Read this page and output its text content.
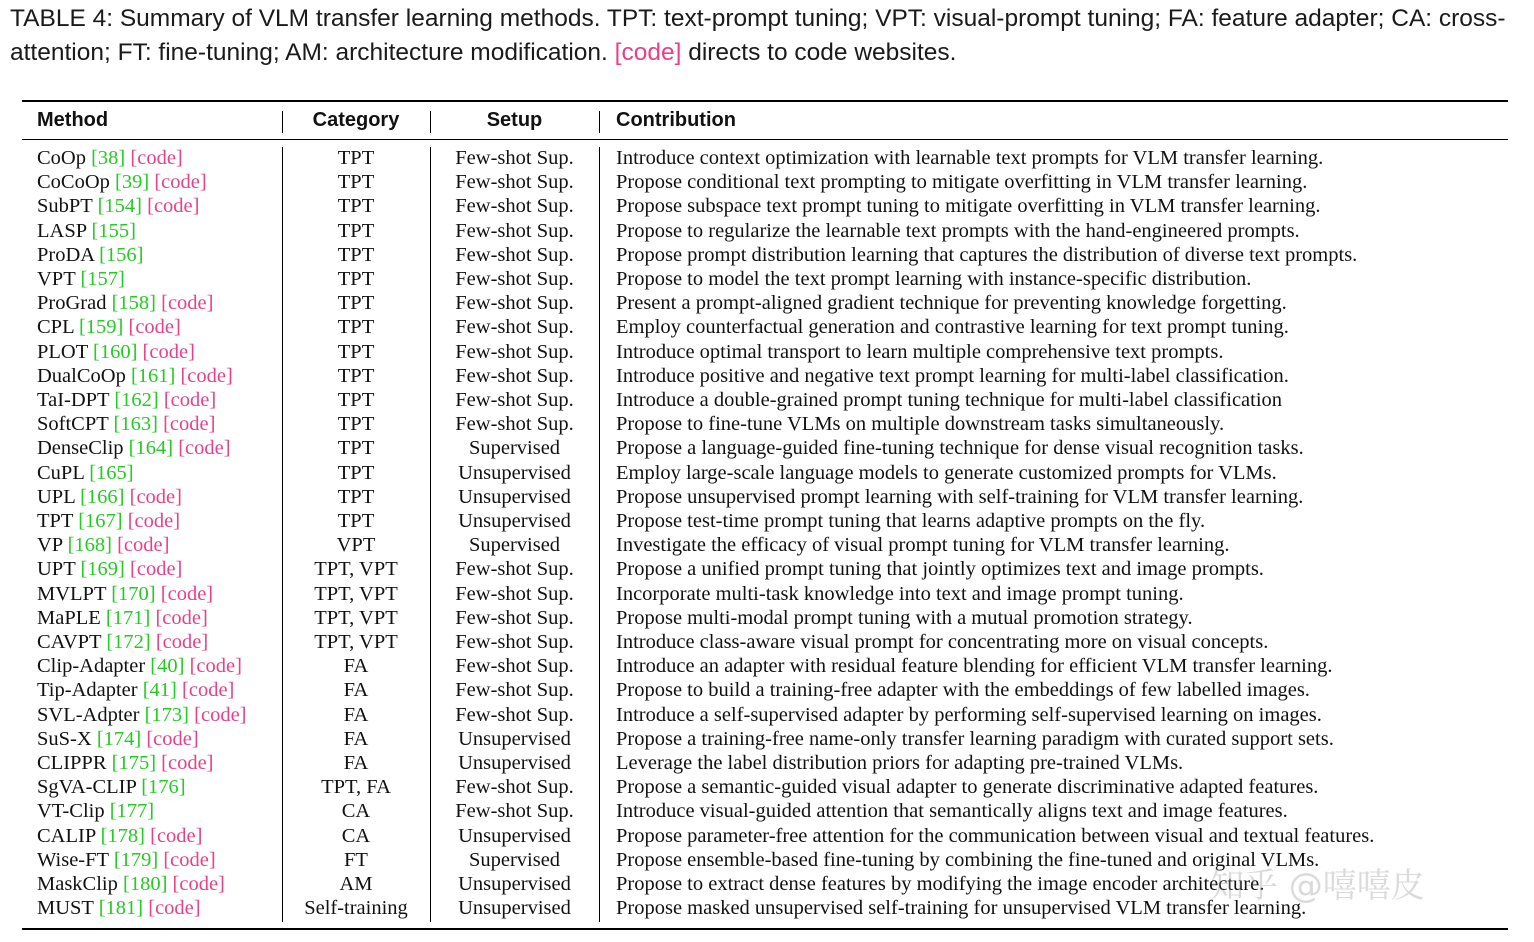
TABLE 4: Summary of VLM transfer learning methods. TPT: text-prompt tuning; VPT: visual-prompt tuning; FA: feature adapter; CA: cross-attention; FT: fine-tuning; AM: architecture modification. [code] directs to code websites.
Method	Category	Setup	Contribution
CoOp [38] [code]	TPT	Few-shot Sup.	Introduce context optimization with learnable text prompts for VLM transfer learning.
CoCoOp [39] [code]	TPT	Few-shot Sup.	Propose conditional text prompting to mitigate overfitting in VLM transfer learning.
SubPT [154] [code]	TPT	Few-shot Sup.	Propose subspace text prompt tuning to mitigate overfitting in VLM transfer learning.
LASP [155]	TPT	Few-shot Sup.	Propose to regularize the learnable text prompts with the hand-engineered prompts.
ProDA [156]	TPT	Few-shot Sup.	Propose prompt distribution learning that captures the distribution of diverse text prompts.
VPT [157]	TPT	Few-shot Sup.	Propose to model the text prompt learning with instance-specific distribution.
ProGrad [158] [code]	TPT	Few-shot Sup.	Present a prompt-aligned gradient technique for preventing knowledge forgetting.
CPL [159] [code]	TPT	Few-shot Sup.	Employ counterfactual generation and contrastive learning for text prompt tuning.
PLOT [160] [code]	TPT	Few-shot Sup.	Introduce optimal transport to learn multiple comprehensive text prompts.
DualCoOp [161] [code]	TPT	Few-shot Sup.	Introduce positive and negative text prompt learning for multi-label classification.
TaI-DPT [162] [code]	TPT	Few-shot Sup.	Introduce a double-grained prompt tuning technique for multi-label classification
SoftCPT [163] [code]	TPT	Few-shot Sup.	Propose to fine-tune VLMs on multiple downstream tasks simultaneously.
DenseClip [164] [code]	TPT	Supervised	Propose a language-guided fine-tuning technique for dense visual recognition tasks.
CuPL [165]	TPT	Unsupervised	Employ large-scale language models to generate customized prompts for VLMs.
UPL [166] [code]	TPT	Unsupervised	Propose unsupervised prompt learning with self-training for VLM transfer learning.
TPT [167] [code]	TPT	Unsupervised	Propose test-time prompt tuning that learns adaptive prompts on the fly.
VP [168] [code]	VPT	Supervised	Investigate the efficacy of visual prompt tuning for VLM transfer learning.
UPT [169] [code]	TPT, VPT	Few-shot Sup.	Propose a unified prompt tuning that jointly optimizes text and image prompts.
MVLPT [170] [code]	TPT, VPT	Few-shot Sup.	Incorporate multi-task knowledge into text and image prompt tuning.
MaPLE [171] [code]	TPT, VPT	Few-shot Sup.	Propose multi-modal prompt tuning with a mutual promotion strategy.
CAVPT [172] [code]	TPT, VPT	Few-shot Sup.	Introduce class-aware visual prompt for concentrating more on visual concepts.
Clip-Adapter [40] [code]	FA	Few-shot Sup.	Introduce an adapter with residual feature blending for efficient VLM transfer learning.
Tip-Adapter [41] [code]	FA	Few-shot Sup.	Propose to build a training-free adapter with the embeddings of few labelled images.
SVL-Adpter [173] [code]	FA	Few-shot Sup.	Introduce a self-supervised adapter by performing self-supervised learning on images.
SuS-X [174] [code]	FA	Unsupervised	Propose a training-free name-only transfer learning paradigm with curated support sets.
CLIPPR [175] [code]	FA	Unsupervised	Leverage the label distribution priors for adapting pre-trained VLMs.
SgVA-CLIP [176]	TPT, FA	Few-shot Sup.	Propose a semantic-guided visual adapter to generate discriminative adapted features.
VT-Clip [177]	CA	Few-shot Sup.	Introduce visual-guided attention that semantically aligns text and image features.
CALIP [178] [code]	CA	Unsupervised	Propose parameter-free attention for the communication between visual and textual features.
Wise-FT [179] [code]	FT	Supervised	Propose ensemble-based fine-tuning by combining the fine-tuned and original VLMs.
MaskClip [180] [code]	AM	Unsupervised	Propose to extract dense features by modifying the image encoder architecture.
MUST [181] [code]	Self-training	Unsupervised	Propose masked unsupervised self-training for unsupervised VLM transfer learning.
知乎 @嘻嘻皮
